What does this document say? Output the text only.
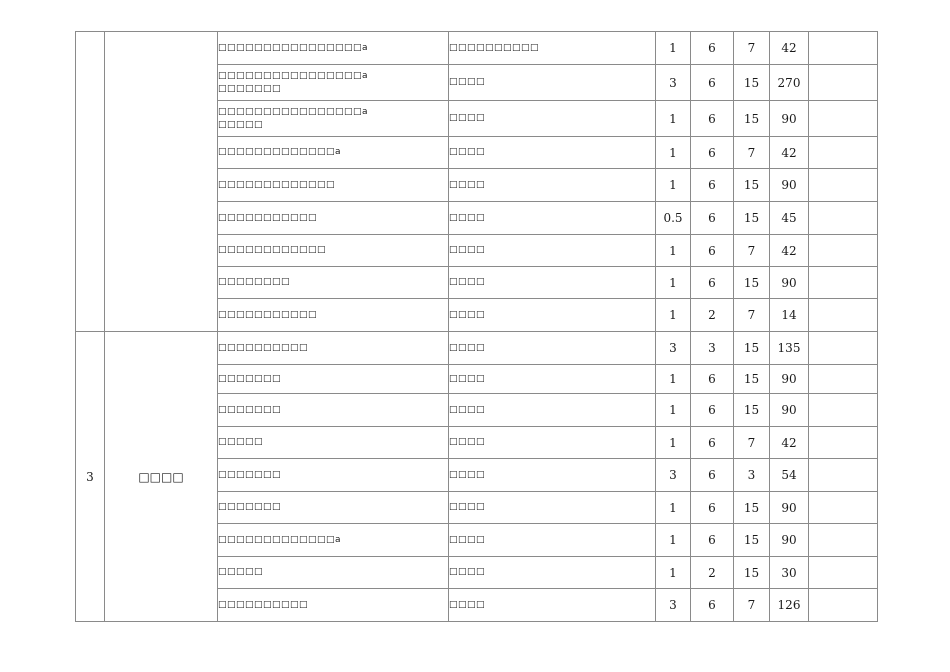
		□□□□□□□□□□□□□□□□a	□□□□□□□□□□	1	6	7	42	

		□□□□□□□□□□□□□□□□a
□□□□□□□	□□□□	3	6	15	270	

		□□□□□□□□□□□□□□□□a
□□□□□	□□□□	1	6	15	90	

		□□□□□□□□□□□□□a	□□□□	1	6	7	42	

		□□□□□□□□□□□□□	□□□□	1	6	15	90	

		□□□□□□□□□□□	□□□□	0.5	6	15	45	

		□□□□□□□□□□□□	□□□□	1	6	7	42	

		□□□□□□□□	□□□□	1	6	15	90	

		□□□□□□□□□□□	□□□□	1	2	7	14	
3	□□□□	□□□□□□□□□□	□□□□	3	3	15	135	

		□□□□□□□	□□□□	1	6	15	90	

		□□□□□□□	□□□□	1	6	15	90	

		□□□□□	□□□□	1	6	7	42	

		□□□□□□□	□□□□	3	6	3	54	

		□□□□□□□	□□□□	1	6	15	90	

		□□□□□□□□□□□□□a	□□□□	1	6	15	90	

		□□□□□	□□□□	1	2	15	30	

		□□□□□□□□□□	□□□□	3	6	7	126	
